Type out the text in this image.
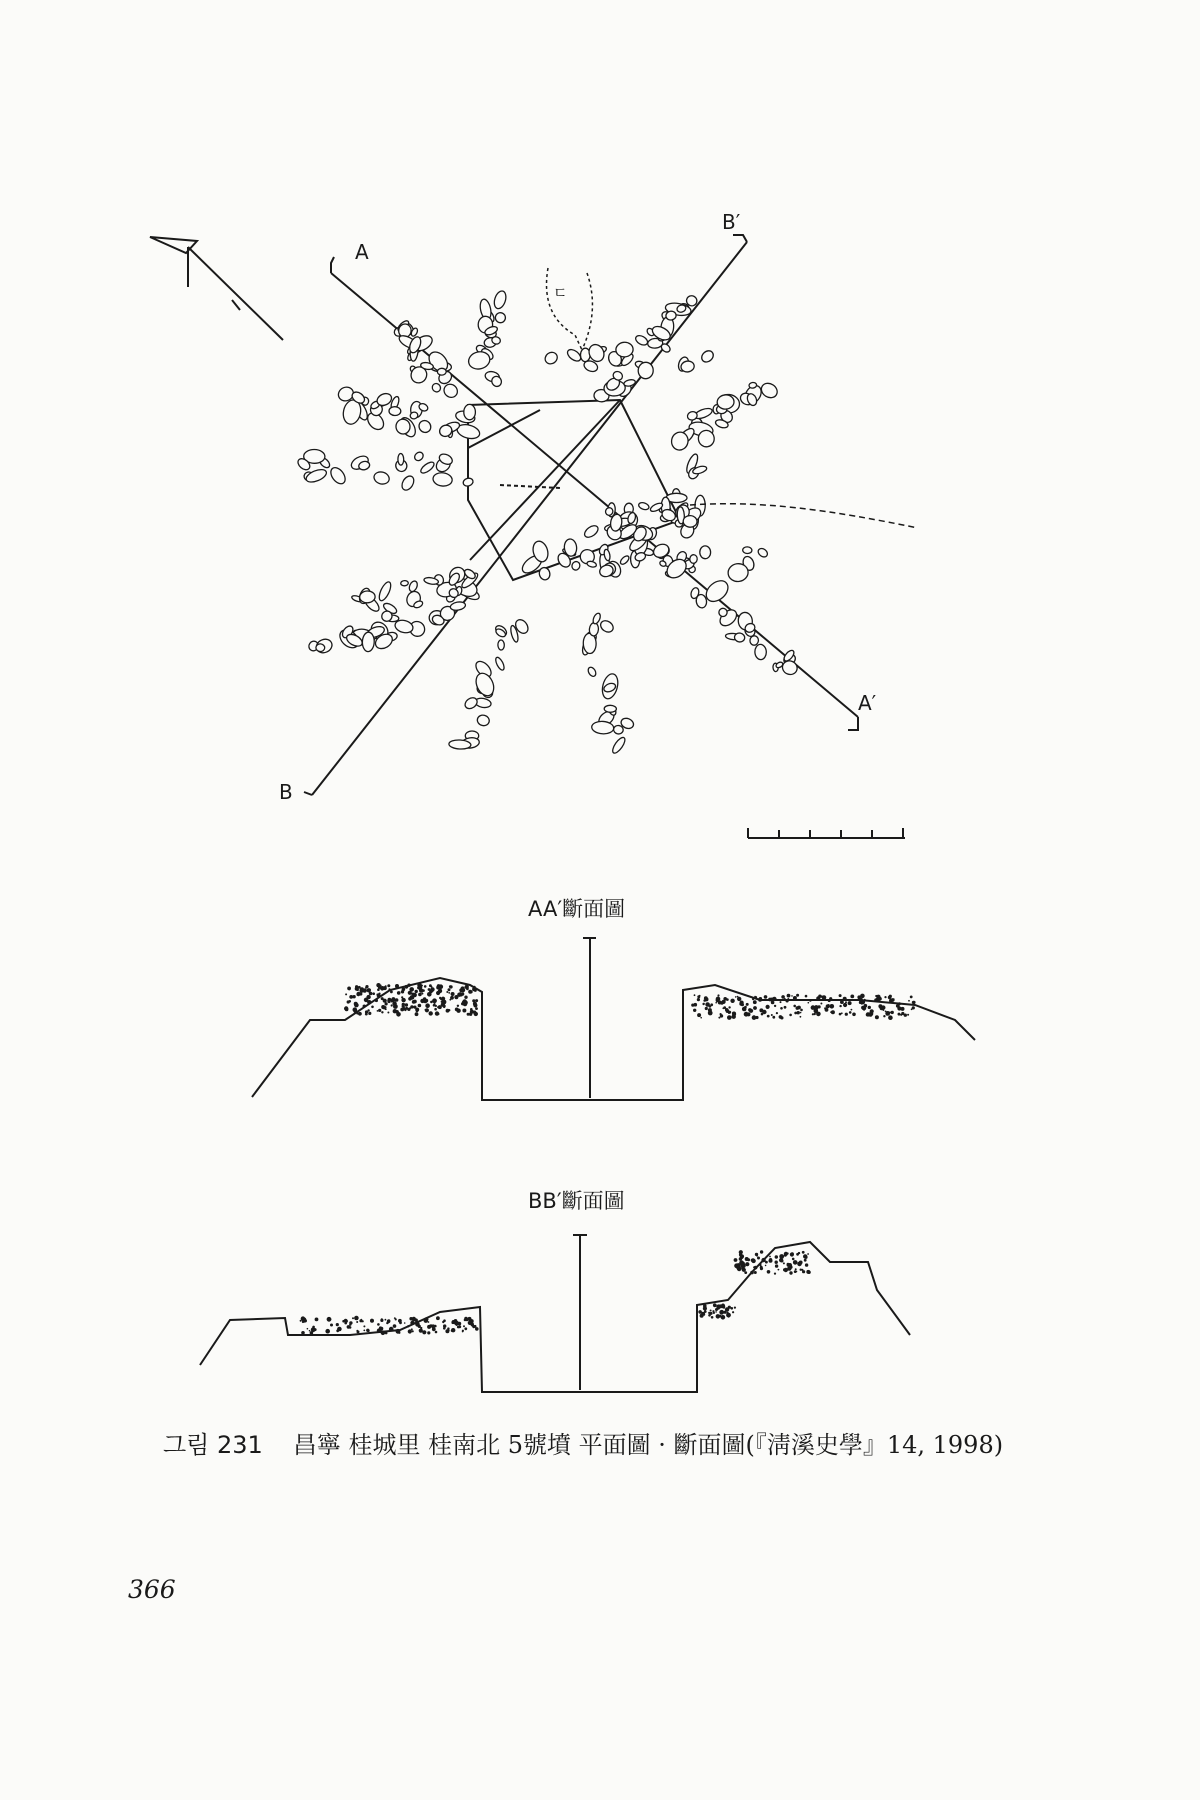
A
B′
A′
B
ㄷ
AA′斷面圖
BB′斷面圖
그림 231 昌寧 桂城里 桂南北 5號墳 平面圖 · 斷面圖(『淸溪史學』14, 1998)
366
